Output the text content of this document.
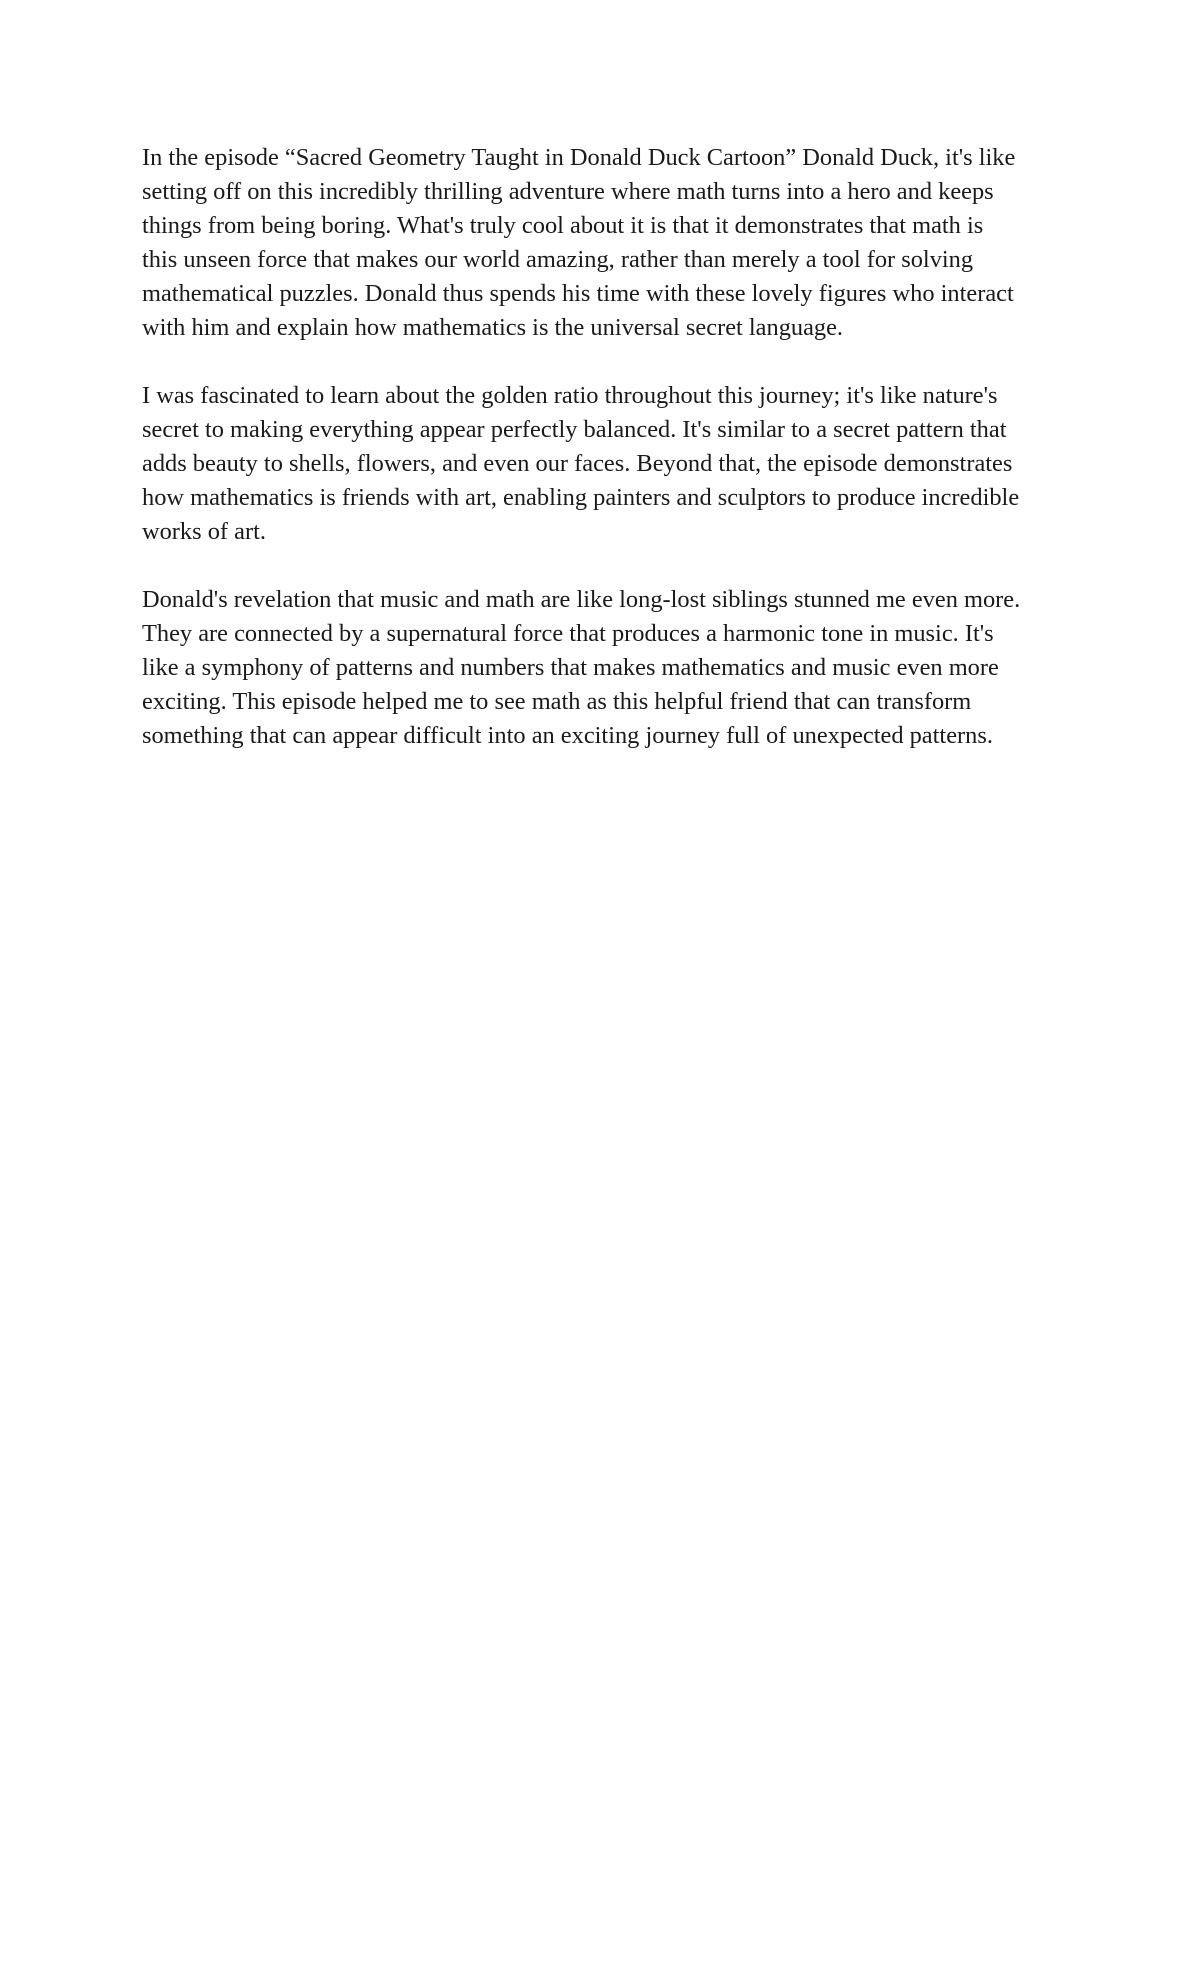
In the episode “Sacred Geometry Taught in Donald Duck Cartoon” Donald Duck, it's like
setting off on this incredibly thrilling adventure where math turns into a hero and keeps
things from being boring. What's truly cool about it is that it demonstrates that math is
this unseen force that makes our world amazing, rather than merely a tool for solving
mathematical puzzles. Donald thus spends his time with these lovely figures who interact
with him and explain how mathematics is the universal secret language.

I was fascinated to learn about the golden ratio throughout this journey; it's like nature's
secret to making everything appear perfectly balanced. It's similar to a secret pattern that
adds beauty to shells, flowers, and even our faces. Beyond that, the episode demonstrates
how mathematics is friends with art, enabling painters and sculptors to produce incredible
works of art.

Donald's revelation that music and math are like long-lost siblings stunned me even more.
They are connected by a supernatural force that produces a harmonic tone in music. It's
like a symphony of patterns and numbers that makes mathematics and music even more
exciting. This episode helped me to see math as this helpful friend that can transform
something that can appear difficult into an exciting journey full of unexpected patterns.
